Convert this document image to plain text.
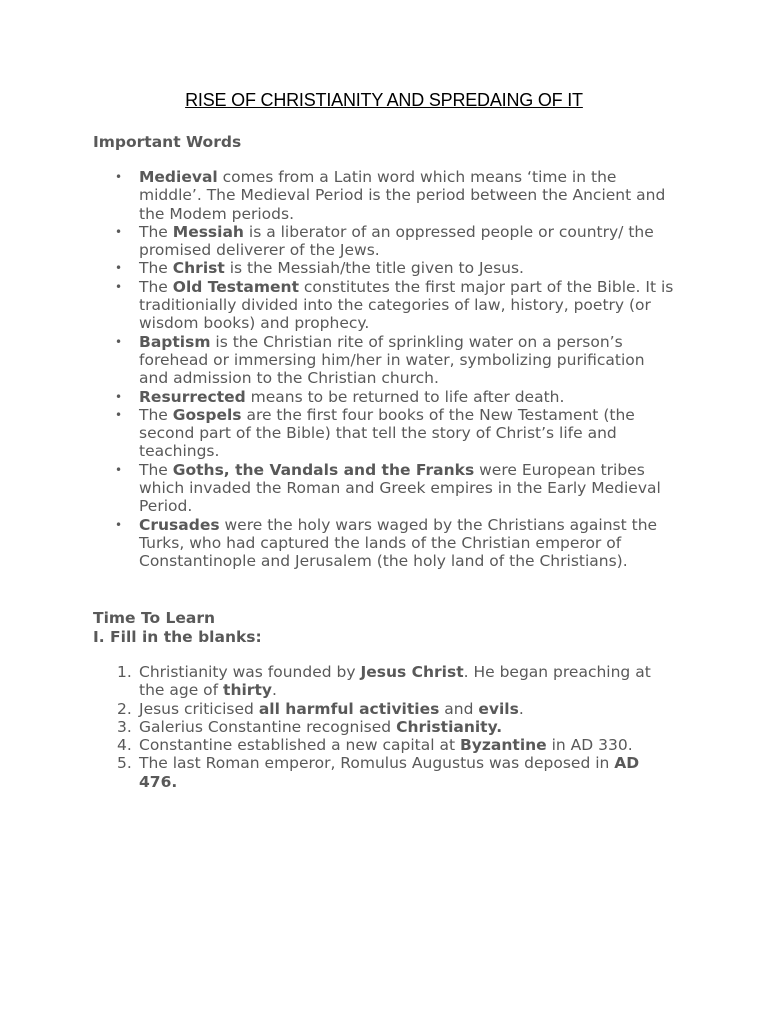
RISE OF CHRISTIANITY AND SPREDAING OF IT
Important Words
• Medieval comes from a Latin word which means ‘time in the middle’. The Medieval Period is the period between the Ancient and the Modem periods.
• The Messiah is a liberator of an oppressed people or country/ the promised deliverer of the Jews.
• The Christ is the Messiah/the title given to Jesus.
• The Old Testament constitutes the first major part of the Bible. It is traditionially divided into the categories of law, history, poetry (or wisdom books) and prophecy.
• Baptism is the Christian rite of sprinkling water on a person’s forehead or immersing him/her in water, symbolizing purification and admission to the Christian church.
• Resurrected means to be returned to life after death.
• The Gospels are the first four books of the New Testament (the second part of the Bible) that tell the story of Christ’s life and teachings.
• The Goths, the Vandals and the Franks were European tribes which invaded the Roman and Greek empires in the Early Medieval Period.
• Crusades were the holy wars waged by the Christians against the Turks, who had captured the lands of the Christian emperor of Constantinople and Jerusalem (the holy land of the Christians).
Time To Learn
I. Fill in the blanks:
1. Christianity was founded by Jesus Christ. He began preaching at the age of thirty.
2. Jesus criticised all harmful activities and evils.
3. Galerius Constantine recognised Christianity.
4. Constantine established a new capital at Byzantine in AD 330.
5. The last Roman emperor, Romulus Augustus was deposed in AD 476.
